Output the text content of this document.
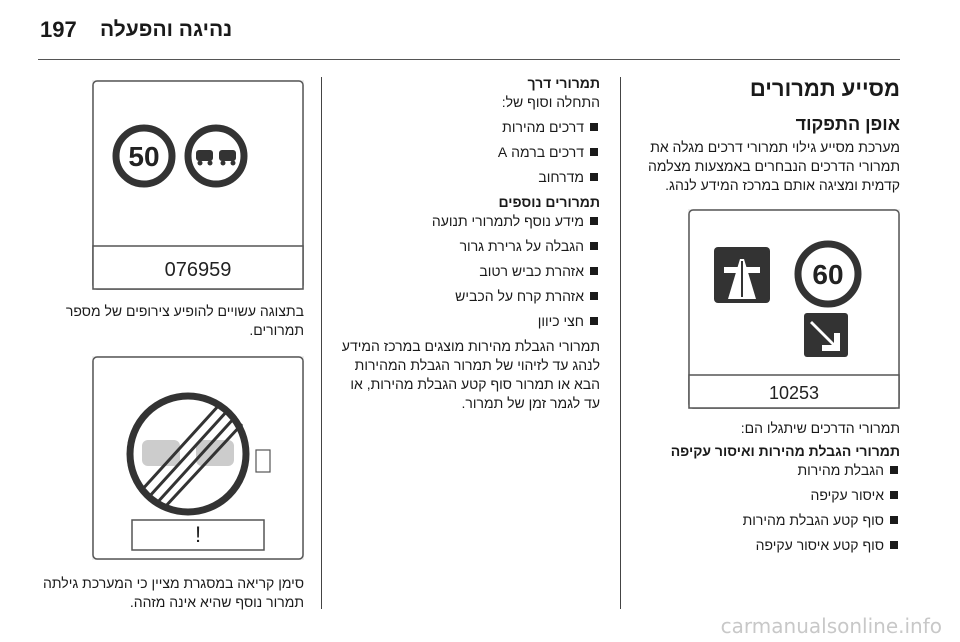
197 נהיגה והפעלה
מסייע תמרורים
אופן התפקוד

מערכת מסייע גילוי תמרורי דרכים מגלה את תמרורי הדרכים הנבחרים באמצעות מצלמה קדמית ומציגה אותם במרכז המידע לנהג.

60
10253

תמרורי הדרכים שיתגלו הם:

תמרורי הגבלת מהירות ואיסור עקיפה

הגבלת מהירות
איסור עקיפה
סוף קטע הגבלת מהירות
סוף קטע איסור עקיפה

תמרורי דרך

התחלה וסוף של:

דרכים מהירות
דרכים ברמה A
מדרחוב

תמרורים נוספים

מידע נוסף לתמרורי תנועה
הגבלה על גרירת גרור
אזהרת כביש רטוב
אזהרת קרח על הכביש
חצי כיוון

תמרורי הגבלת מהירות מוצגים במרכז המידע לנהג עד לזיהוי של תמרור הגבלת המהירות הבא או תמרור סוף קטע הגבלת מהירות, או עד לגמר זמן של תמרור.

50
076959

בתצוגה עשויים להופיע צירופים של מספר תמרורים.

!

סימן קריאה במסגרת מציין כי המערכת גילתה תמרור נוסף שהיא אינה מזהה.

carmanualsonline.info
